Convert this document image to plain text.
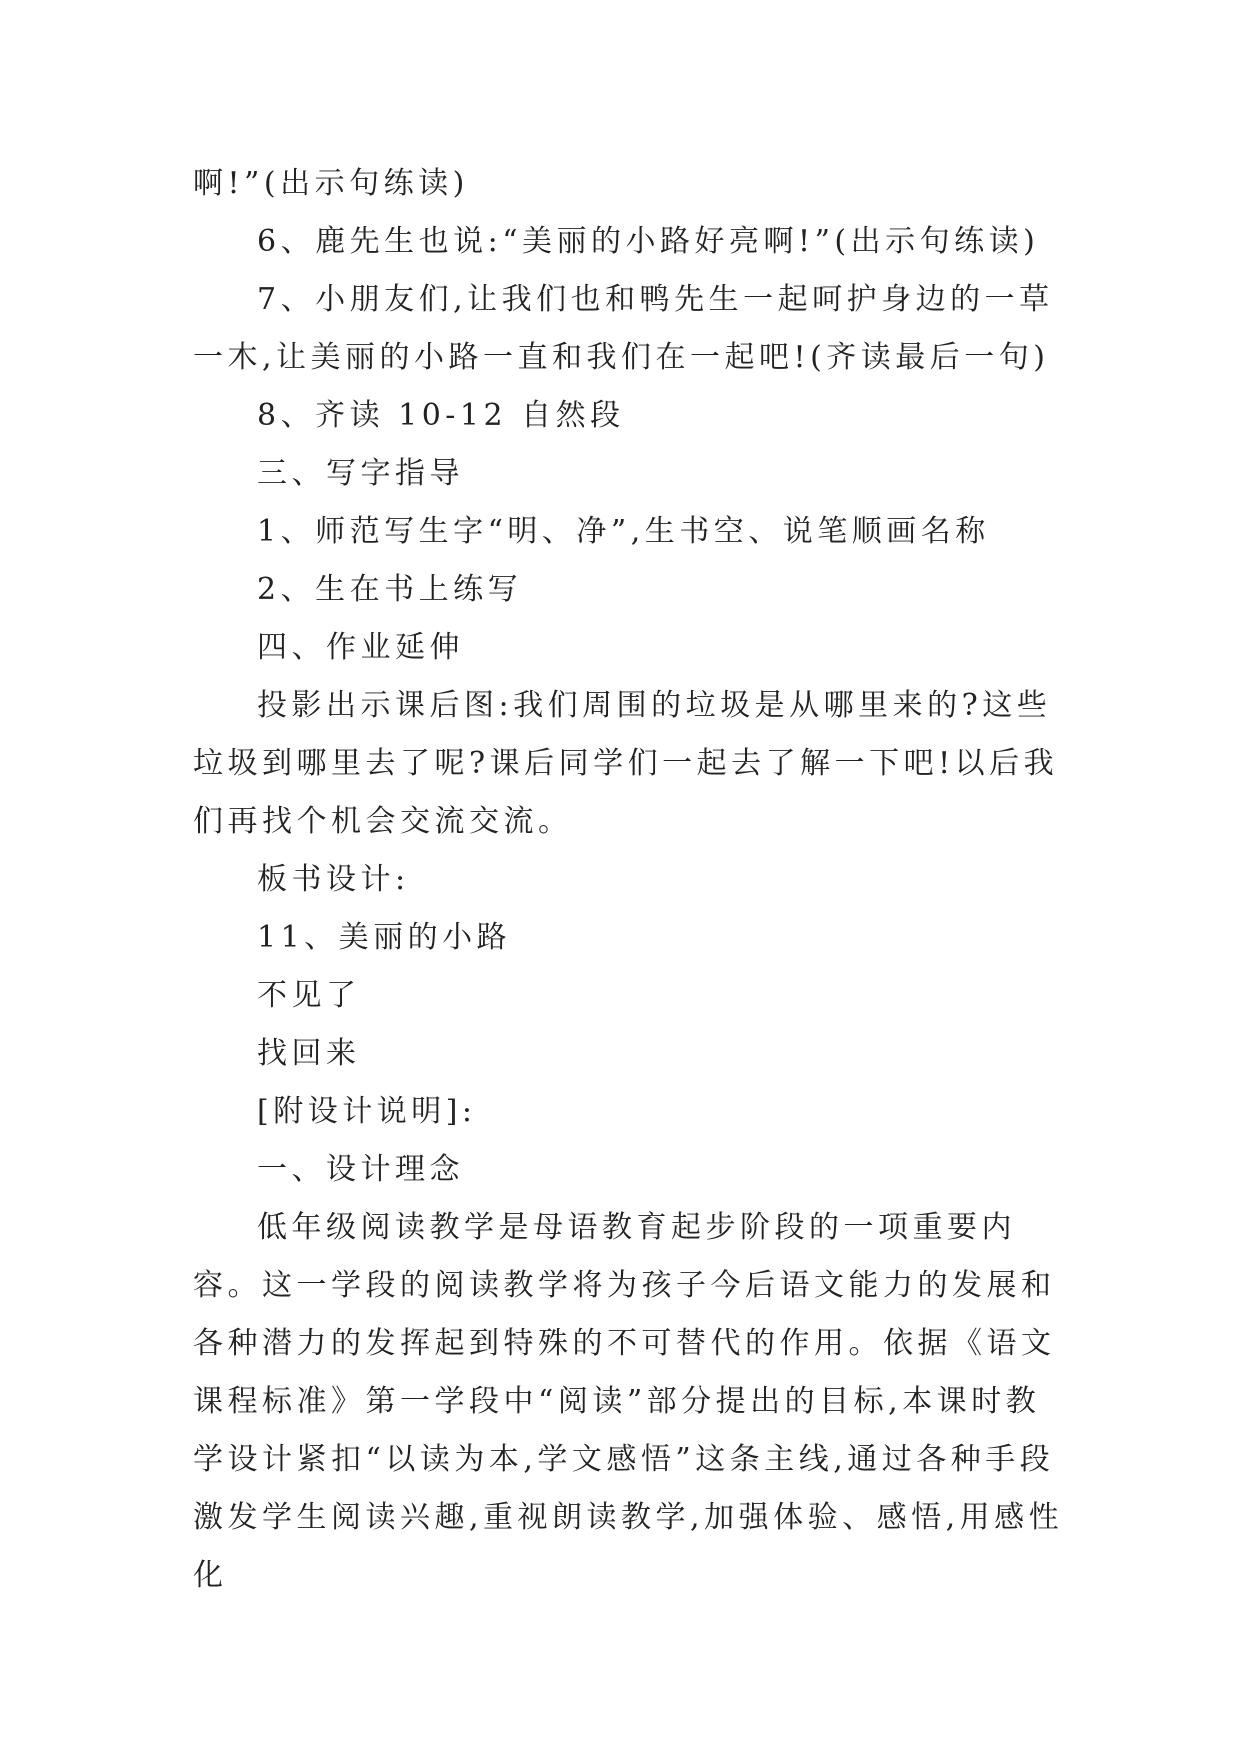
啊!”(出示句练读)

6、鹿先生也说:“美丽的小路好亮啊!”(出示句练读)

7、小朋友们,让我们也和鸭先生一起呵护身边的一草一木,让美丽的小路一直和我们在一起吧!(齐读最后一句)

8、齐读 10-12 自然段

三、写字指导

1、师范写生字“明、净”,生书空、说笔顺画名称

2、生在书上练写

四、作业延伸

投影出示课后图:我们周围的垃圾是从哪里来的?这些垃圾到哪里去了呢?课后同学们一起去了解一下吧!以后我们再找个机会交流交流。

板书设计:

11、美丽的小路

不见了

找回来

[附设计说明]:

一、设计理念

低年级阅读教学是母语教育起步阶段的一项重要内容。这一学段的阅读教学将为孩子今后语文能力的发展和各种潜力的发挥起到特殊的不可替代的作用。依据《语文课程标准》第一学段中“阅读”部分提出的目标,本课时教学设计紧扣“以读为本,学文感悟”这条主线,通过各种手段激发学生阅读兴趣,重视朗读教学,加强体验、感悟,用感性化
